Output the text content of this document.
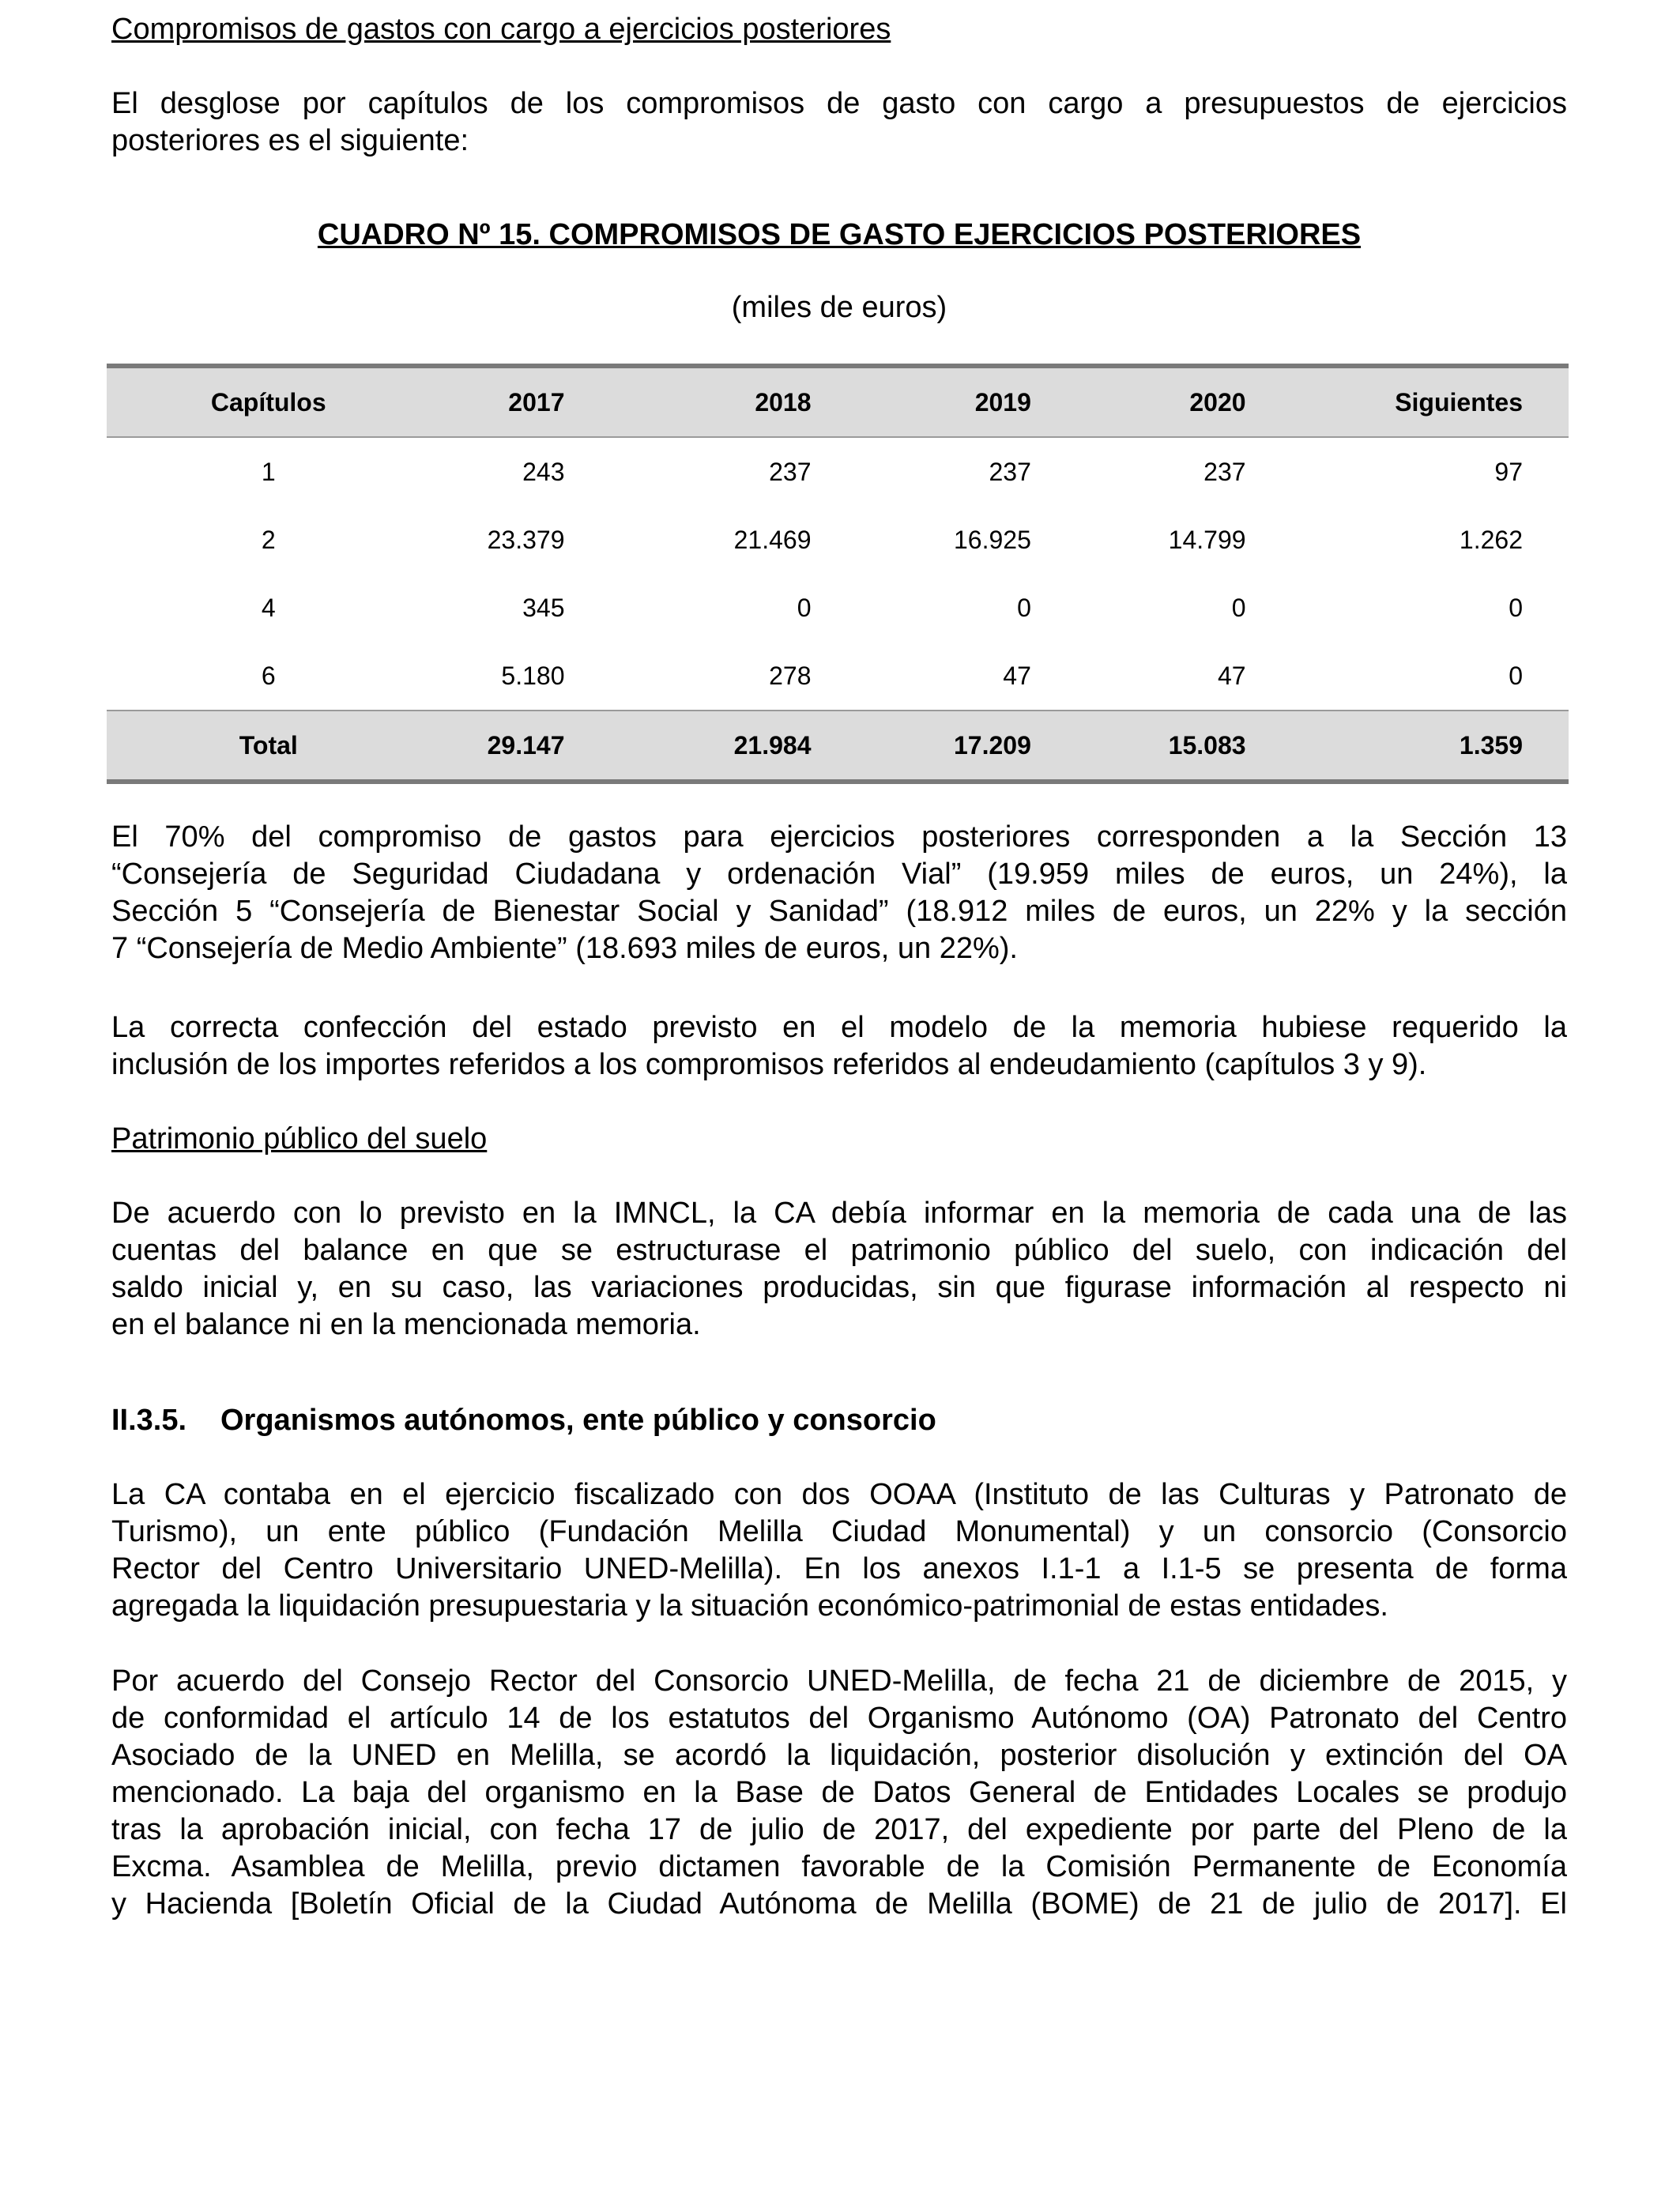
Compromisos de gastos con cargo a ejercicios posteriores
El desglose por capítulos de los compromisos de gasto con cargo a presupuestos de ejercicios
posteriores es el siguiente:
CUADRO Nº 15. COMPROMISOS DE GASTO EJERCICIOS POSTERIORES
(miles de euros)
Capítulos	2017	2018	2019	2020	Siguientes
1	243	237	237	237	97
2	23.379	21.469	16.925	14.799	1.262
4	345	0	0	0	0
6	5.180	278	47	47	0
Total	29.147	21.984	17.209	15.083	1.359
El 70% del compromiso de gastos para ejercicios posteriores corresponden a la Sección 13
“Consejería de Seguridad Ciudadana y ordenación Vial” (19.959 miles de euros, un 24%), la
Sección 5 “Consejería de Bienestar Social y Sanidad” (18.912 miles de euros, un 22% y la sección
7 “Consejería de Medio Ambiente” (18.693 miles de euros, un 22%).
La correcta confección del estado previsto en el modelo de la memoria hubiese requerido la
inclusión de los importes referidos a los compromisos referidos al endeudamiento (capítulos 3 y 9).
Patrimonio público del suelo
De acuerdo con lo previsto en la IMNCL, la CA debía informar en la memoria de cada una de las
cuentas del balance en que se estructurase el patrimonio público del suelo, con indicación del
saldo inicial y, en su caso, las variaciones producidas, sin que figurase información al respecto ni
en el balance ni en la mencionada memoria.
II.3.5. Organismos autónomos, ente público y consorcio
La CA contaba en el ejercicio fiscalizado con dos OOAA (Instituto de las Culturas y Patronato de
Turismo), un ente público (Fundación Melilla Ciudad Monumental) y un consorcio (Consorcio
Rector del Centro Universitario UNED-Melilla). En los anexos I.1-1 a I.1-5 se presenta de forma
agregada la liquidación presupuestaria y la situación económico-patrimonial de estas entidades.
Por acuerdo del Consejo Rector del Consorcio UNED-Melilla, de fecha 21 de diciembre de 2015, y
de conformidad el artículo 14 de los estatutos del Organismo Autónomo (OA) Patronato del Centro
Asociado de la UNED en Melilla, se acordó la liquidación, posterior disolución y extinción del OA
mencionado. La baja del organismo en la Base de Datos General de Entidades Locales se produjo
tras la aprobación inicial, con fecha 17 de julio de 2017, del expediente por parte del Pleno de la
Excma. Asamblea de Melilla, previo dictamen favorable de la Comisión Permanente de Economía
y Hacienda [Boletín Oficial de la Ciudad Autónoma de Melilla (BOME) de 21 de julio de 2017]. El
